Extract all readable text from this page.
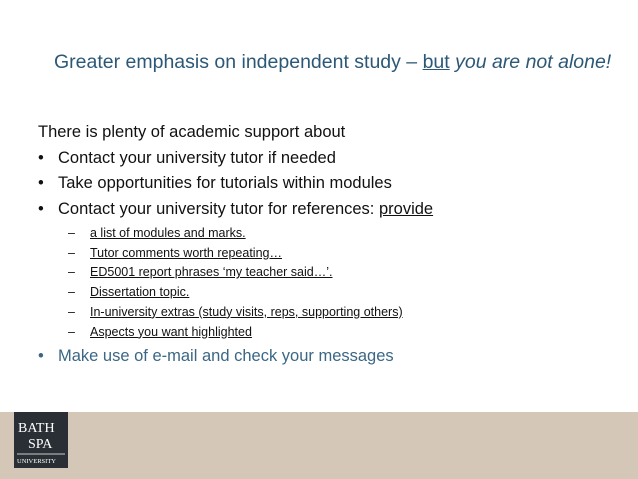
Greater emphasis on independent study – but you are not alone!
There is plenty of academic support about
• Contact your university tutor if needed
• Take opportunities for tutorials within modules
• Contact your university tutor for references: provide
–	a list of modules and marks.
–	Tutor comments worth repeating…
–	ED5001 report phrases ‘my teacher said…’.
–	Dissertation topic.
–	In-university extras (study visits, reps, supporting others)
–	Aspects you want highlighted
• Make use of e-mail and check your messages
BATH
SPA
UNIVERSITY
